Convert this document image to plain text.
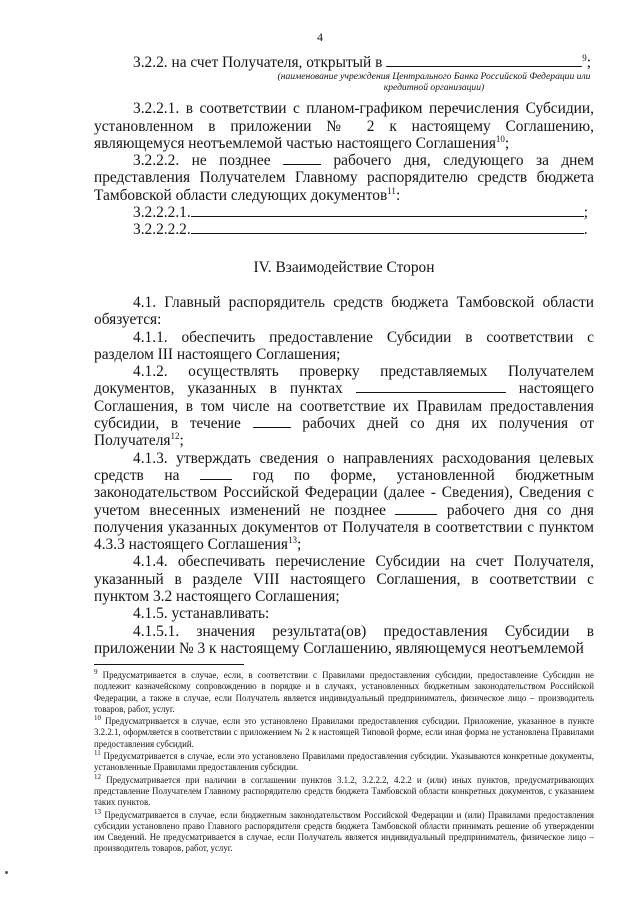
4

3.2.2. на счет Получателя, открытый в	$^9$;

(наименование учреждения Центрального Банка Российской Федерации или кредитной организации)

3.2.2.1. в соответствии с планом-графиком перечисления Субсидии, установленном в приложении № 2 к настоящему Соглашению, являющемуся неотъемлемой частью настоящего Соглашения$^{10}$;

3.2.2.2. не позднее	рабочего дня, следующего за днем представления Получателем Главному распорядителю средств бюджета Тамбовской области следующих документов$^{11}$:

3.2.2.2.1.	;

3.2.2.2.2.	.

IV. Взаимодействие Сторон

4.1. Главный распорядитель средств бюджета Тамбовской области обязуется:

4.1.1. обеспечить предоставление Субсидии в соответствии с разделом III настоящего Соглашения;

4.1.2. осуществлять проверку представляемых Получателем документов, указанных в пунктах	настоящего Соглашения, в том числе на соответствие их Правилам предоставления субсидии, в течение	рабочих дней со дня их получения от Получателя$^{12}$;

4.1.3. утверждать сведения о направлениях расходования целевых средств на	год по форме, установленной бюджетным законодательством Российской Федерации (далее - Сведения), Сведения с учетом внесенных изменений не позднее	рабочего дня со дня получения указанных документов от Получателя в соответствии с пунктом 4.3.3 настоящего Соглашения$^{13}$;

4.1.4. обеспечивать перечисление Субсидии на счет Получателя, указанный в разделе VIII настоящего Соглашения, в соответствии с пунктом 3.2 настоящего Соглашения;

4.1.5. устанавливать:

4.1.5.1. значения результата(ов) предоставления Субсидии в приложении № 3 к настоящему Соглашению, являющемуся неотъемлемой

$^9$ Предусматривается в случае, если, в соответствии с Правилами предоставления субсидии, предоставление Субсидии не подлежит казначейскому сопровождению в порядке и в случаях, установленных бюджетным законодательством Российской Федерации, а также в случае, если Получатель является индивидуальный предприниматель, физическое лицо – производитель товаров, работ, услуг.

$^{10}$ Предусматривается в случае, если это установлено Правилами предоставления субсидии. Приложение, указанное в пункте 3.2.2.1, оформляется в соответствии с приложением № 2 к настоящей Типовой форме, если иная форма не установлена Правилами предоставления субсидий.

$^{11}$ Предусматривается в случае, если это установлено Правилами предоставления субсидии. Указываются конкретные документы, установленные Правилами предоставления субсидии.

$^{12}$ Предусматривается при наличии в соглашении пунктов 3.1.2, 3.2.2.2, 4.2.2 и (или) иных пунктов, предусматривающих представление Получателем Главному распорядителю средств бюджета Тамбовской области конкретных документов, с указанием таких пунктов.

$^{13}$ Предусматривается в случае, если бюджетным законодательством Российской Федерации и (или) Правилами предоставления субсидии установлено право Главного распорядителя средств бюджета Тамбовской области принимать решение об утверждении им Сведений. Не предусматривается в случае, если Получатель является индивидуальный предприниматель, физическое лицо – производитель товаров, работ, услуг.
